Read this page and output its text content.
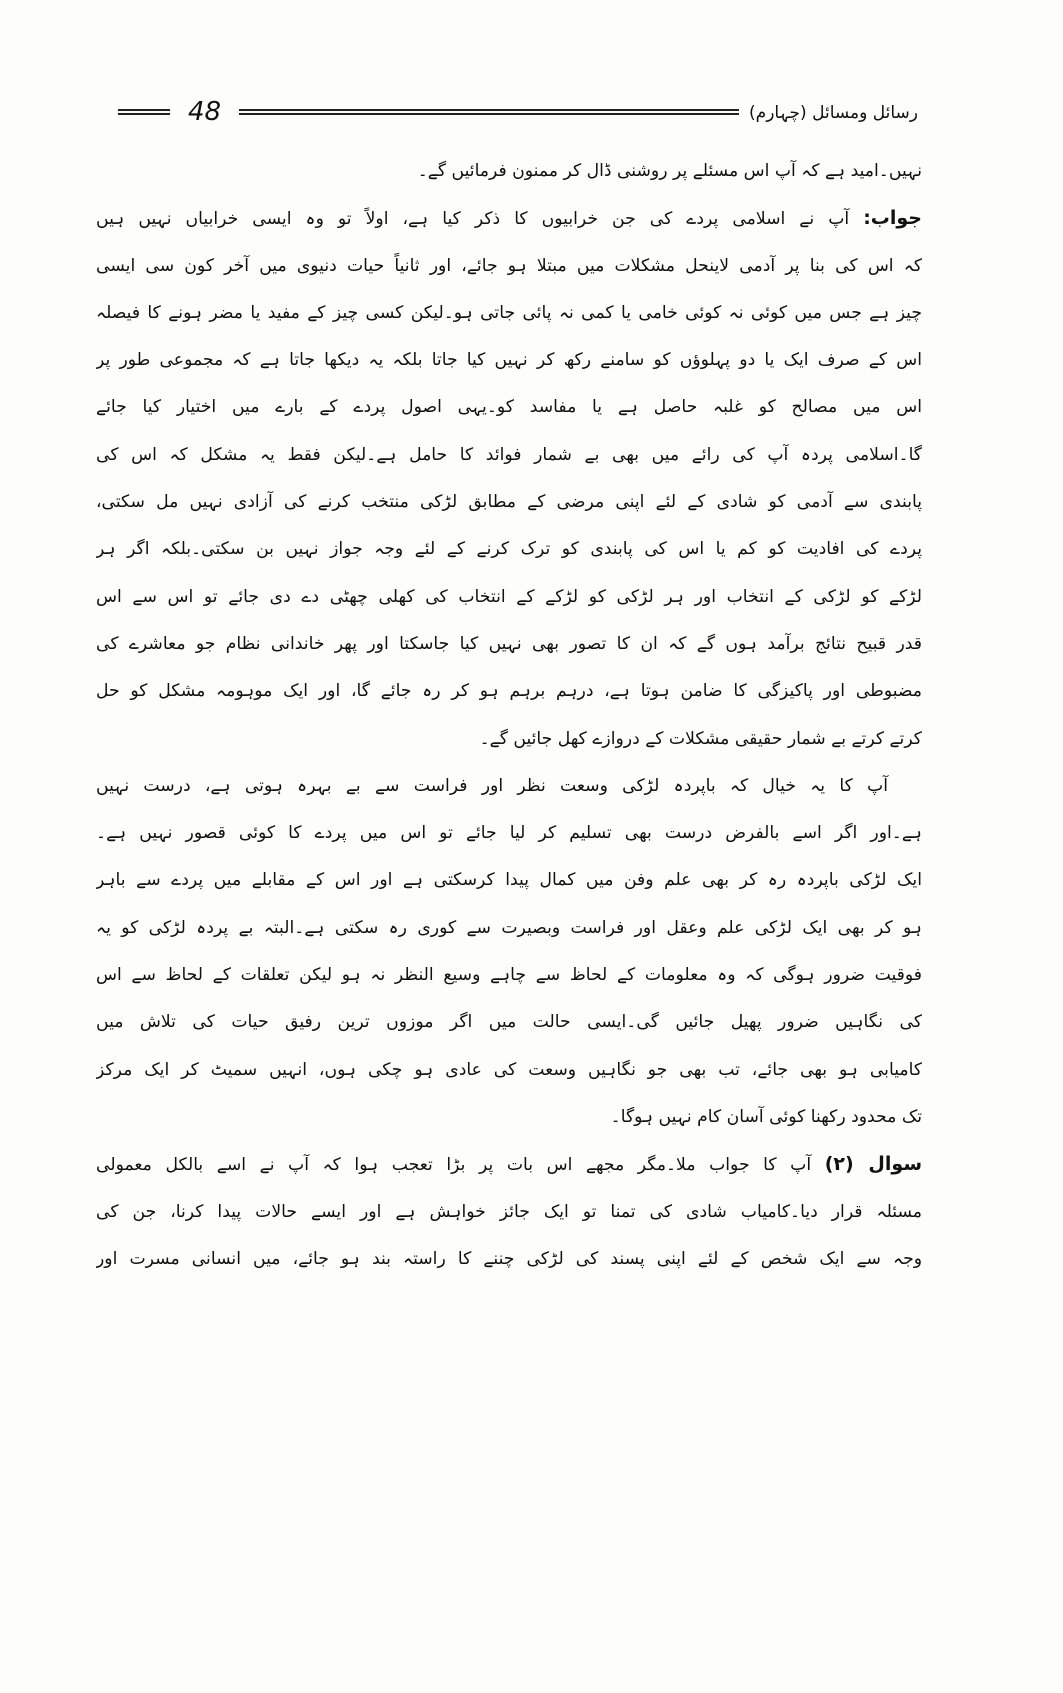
48	رسائل ومسائل (چہارم)
نہیں۔امید ہے کہ آپ اس مسئلے پر روشنی ڈال کر ممنون فرمائیں گے۔
جواب: آپ نے اسلامی پردے کی جن خرابیوں کا ذکر کیا ہے، اولاً تو وہ ایسی خرابیاں نہیں ہیں
کہ اس کی بنا پر آدمی لاینحل مشکلات میں مبتلا ہو جائے، اور ثانیاً حیات دنیوی میں آخر کون سی ایسی
چیز ہے جس میں کوئی نہ کوئی خامی یا کمی نہ پائی جاتی ہو۔لیکن کسی چیز کے مفید یا مضر ہونے کا فیصلہ
اس کے صرف ایک یا دو پہلوؤں کو سامنے رکھ کر نہیں کیا جاتا بلکہ یہ دیکھا جاتا ہے کہ مجموعی طور پر
اس میں مصالح کو غلبہ حاصل ہے یا مفاسد کو۔یہی اصول پردے کے بارے میں اختیار کیا جائے
گا۔اسلامی پردہ آپ کی رائے میں بھی بے شمار فوائد کا حامل ہے۔لیکن فقط یہ مشکل کہ اس کی
پابندی سے آدمی کو شادی کے لئے اپنی مرضی کے مطابق لڑکی منتخب کرنے کی آزادی نہیں مل سکتی،
پردے کی افادیت کو کم یا اس کی پابندی کو ترک کرنے کے لئے وجہ جواز نہیں بن سکتی۔بلکہ اگر ہر
لڑکے کو لڑکی کے انتخاب اور ہر لڑکی کو لڑکے کے انتخاب کی کھلی چھٹی دے دی جائے تو اس سے اس
قدر قبیح نتائج برآمد ہوں گے کہ ان کا تصور بھی نہیں کیا جاسکتا اور پھر خاندانی نظام جو معاشرے کی
مضبوطی اور پاکیزگی کا ضامن ہوتا ہے، درہم برہم ہو کر رہ جائے گا، اور ایک موہومہ مشکل کو حل
کرتے کرتے بے شمار حقیقی مشکلات کے دروازے کھل جائیں گے۔
آپ کا یہ خیال کہ باپردہ لڑکی وسعت نظر اور فراست سے بے بہرہ ہوتی ہے، درست نہیں
ہے۔اور اگر اسے بالفرض درست بھی تسلیم کر لیا جائے تو اس میں پردے کا کوئی قصور نہیں ہے۔
ایک لڑکی باپردہ رہ کر بھی علم وفن میں کمال پیدا کرسکتی ہے اور اس کے مقابلے میں پردے سے باہر
ہو کر بھی ایک لڑکی علم وعقل اور فراست وبصیرت سے کوری رہ سکتی ہے۔البتہ بے پردہ لڑکی کو یہ
فوقیت ضرور ہوگی کہ وہ معلومات کے لحاظ سے چاہے وسیع النظر نہ ہو لیکن تعلقات کے لحاظ سے اس
کی نگاہیں ضرور پھیل جائیں گی۔ایسی حالت میں اگر موزوں ترین رفیق حیات کی تلاش میں
کامیابی ہو بھی جائے، تب بھی جو نگاہیں وسعت کی عادی ہو چکی ہوں، انہیں سمیٹ کر ایک مرکز
تک محدود رکھنا کوئی آسان کام نہیں ہوگا۔
سوال (۲) آپ کا جواب ملا۔مگر مجھے اس بات پر بڑا تعجب ہوا کہ آپ نے اسے بالکل معمولی
مسئلہ قرار دیا۔کامیاب شادی کی تمنا تو ایک جائز خواہش ہے اور ایسے حالات پیدا کرنا، جن کی
وجہ سے ایک شخص کے لئے اپنی پسند کی لڑکی چننے کا راستہ بند ہو جائے، میں انسانی مسرت اور
